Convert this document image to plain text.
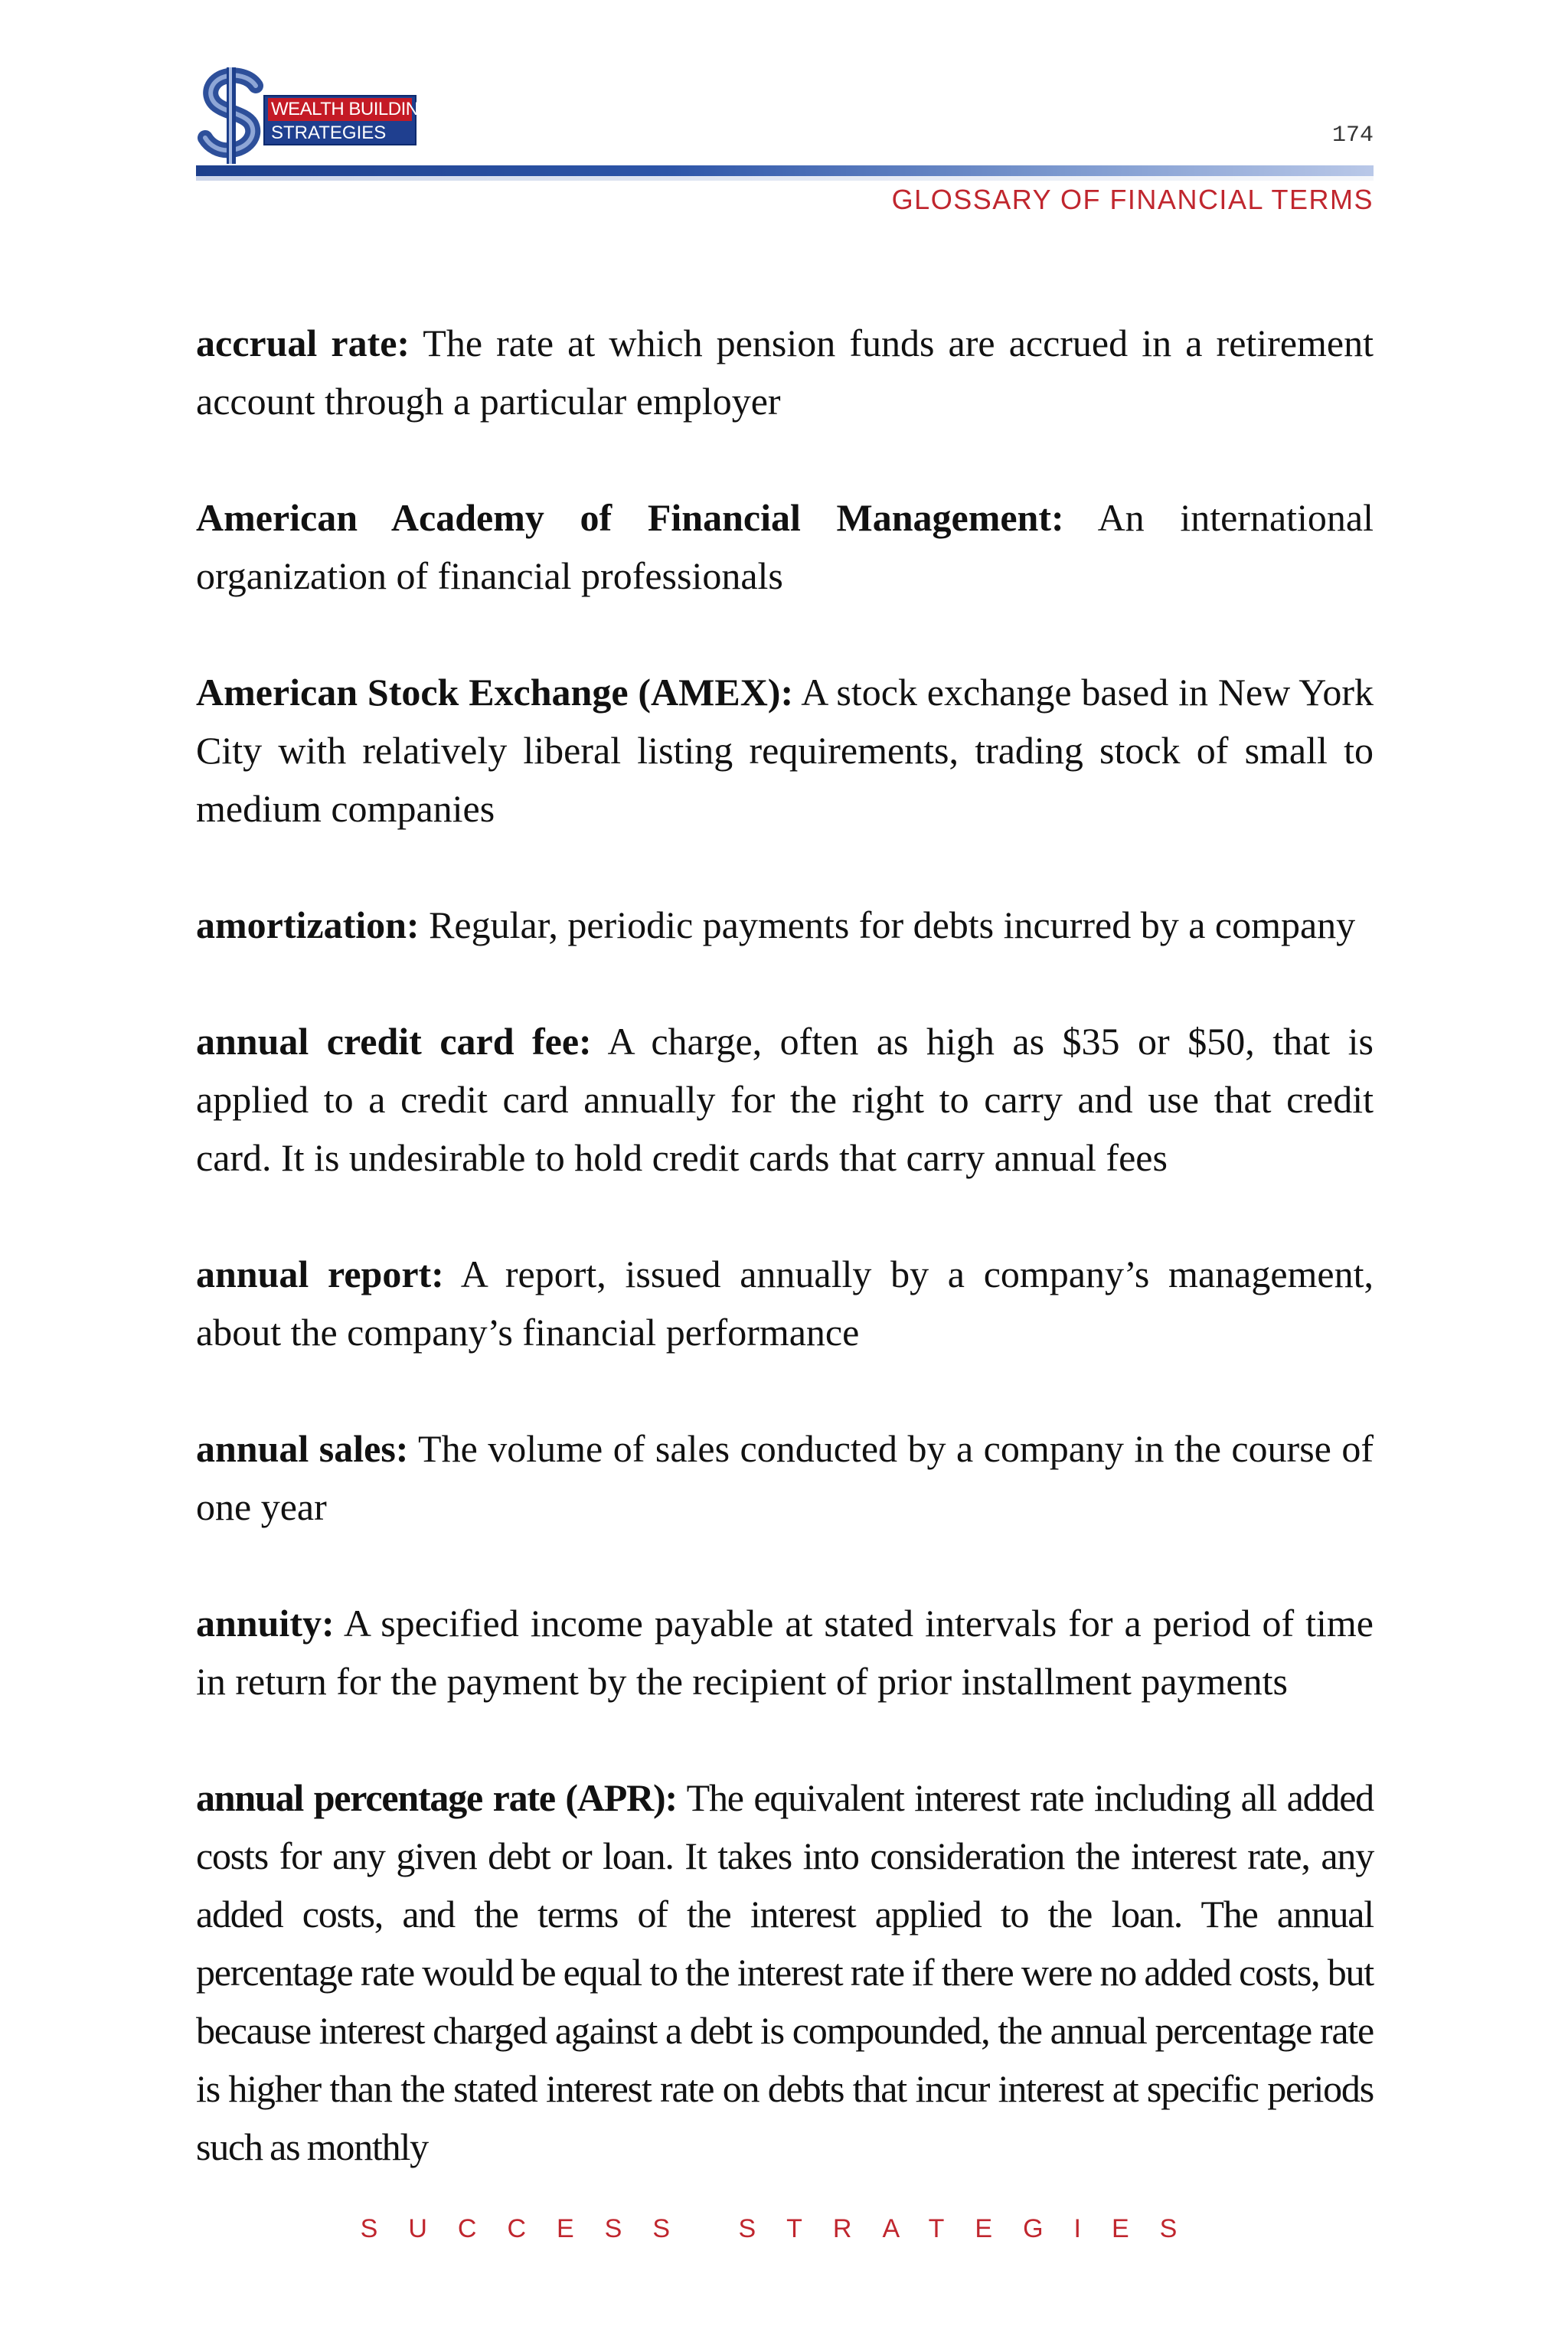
WEALTH BUILDING
STRATEGIES	174
GLOSSARY OF FINANCIAL TERMS

accrual rate: The rate at which pension funds are accrued in a retirement account through a particular employer

American Academy of Financial Management: An international organization of financial professionals

American Stock Exchange (AMEX): A stock exchange based in New York City with relatively liberal listing requirements, trading stock of small to medium companies

amortization: Regular, periodic payments for debts incurred by a company

annual credit card fee: A charge, often as high as $35 or $50, that is applied to a credit card annually for the right to carry and use that credit card. It is undesirable to hold credit cards that carry annual fees

annual report: A report, issued annually by a company’s management, about the company’s financial performance

annual sales: The volume of sales conducted by a company in the course of one year

annuity: A specified income payable at stated intervals for a period of time in return for the payment by the recipient of prior installment payments

annual percentage rate (APR): The equivalent interest rate including all added costs for any given debt or loan. It takes into consideration the interest rate, any added costs, and the terms of the interest applied to the loan. The annual percentage rate would be equal to the interest rate if there were no added costs, but because interest charged against a debt is compounded, the annual percentage rate is higher than the stated interest rate on debts that incur interest at specific periods such as monthly

SUCCESS STRATEGIES
